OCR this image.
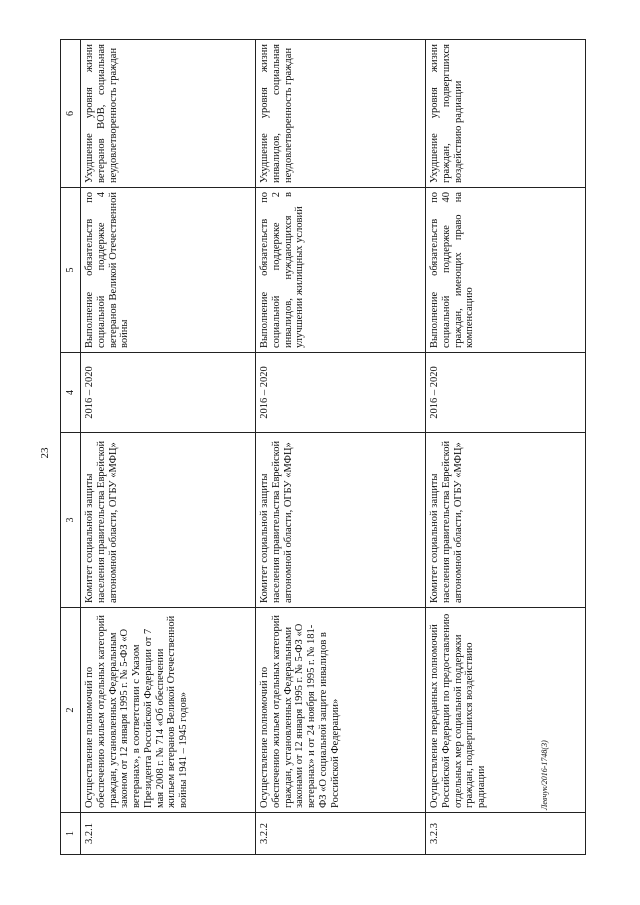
23
1	2	3	4	5	6
3.2.1	Осуществление полномочий по обеспечению жильем отдельных категорий граждан, установленных Федеральным законом от 12 января 1995 г. № 5-ФЗ «О ветеранах», в соответствии с Указом Президента Российской Федерации от 7 мая 2008 г. № 714 «Об обеспечении жильем ветеранов Великой Отечественной войны 1941 – 1945 годов»	Комитет социальной защиты населения правительства Еврейской автономной области, ОГБУ «МФЦ»	2016 – 2020	Выполнение обязательств по социальной поддержке 4 ветеранов Великой Отечественной войны	Ухудшение уровня жизни ветеранов ВОВ, социальная неудовлетворенность граждан
3.2.2	Осуществление полномочий по обеспечению жильем отдельных категорий граждан, установленных Федеральными законами от 12 января 1995 г. № 5-ФЗ «О ветеранах» и от 24 ноября 1995 г. № 181-ФЗ «О социальной защите инвалидов в Российской Федерации»	Комитет социальной защиты населения правительства Еврейской автономной области, ОГБУ «МФЦ»	2016 – 2020	Выполнение обязательств по социальной поддержке 2 инвалидов, нуждающихся в улучшении жилищных условий	Ухудшение уровня жизни инвалидов, социальная неудовлетворенность граждан
3.2.3	Осуществление переданных полномочий Российской Федерации по предоставлению отдельных мер социальной поддержки граждан, подвергшихся воздействию радиации	Комитет социальной защиты населения правительства Еврейской автономной области, ОГБУ «МФЦ»	2016 – 2020	Выполнение обязательств по социальной поддержке 40 граждан, имеющих право на компенсацию	Ухудшение уровня жизни граждан, подвергшихся воздействию радиации
Левчук/2016-1748(3)
